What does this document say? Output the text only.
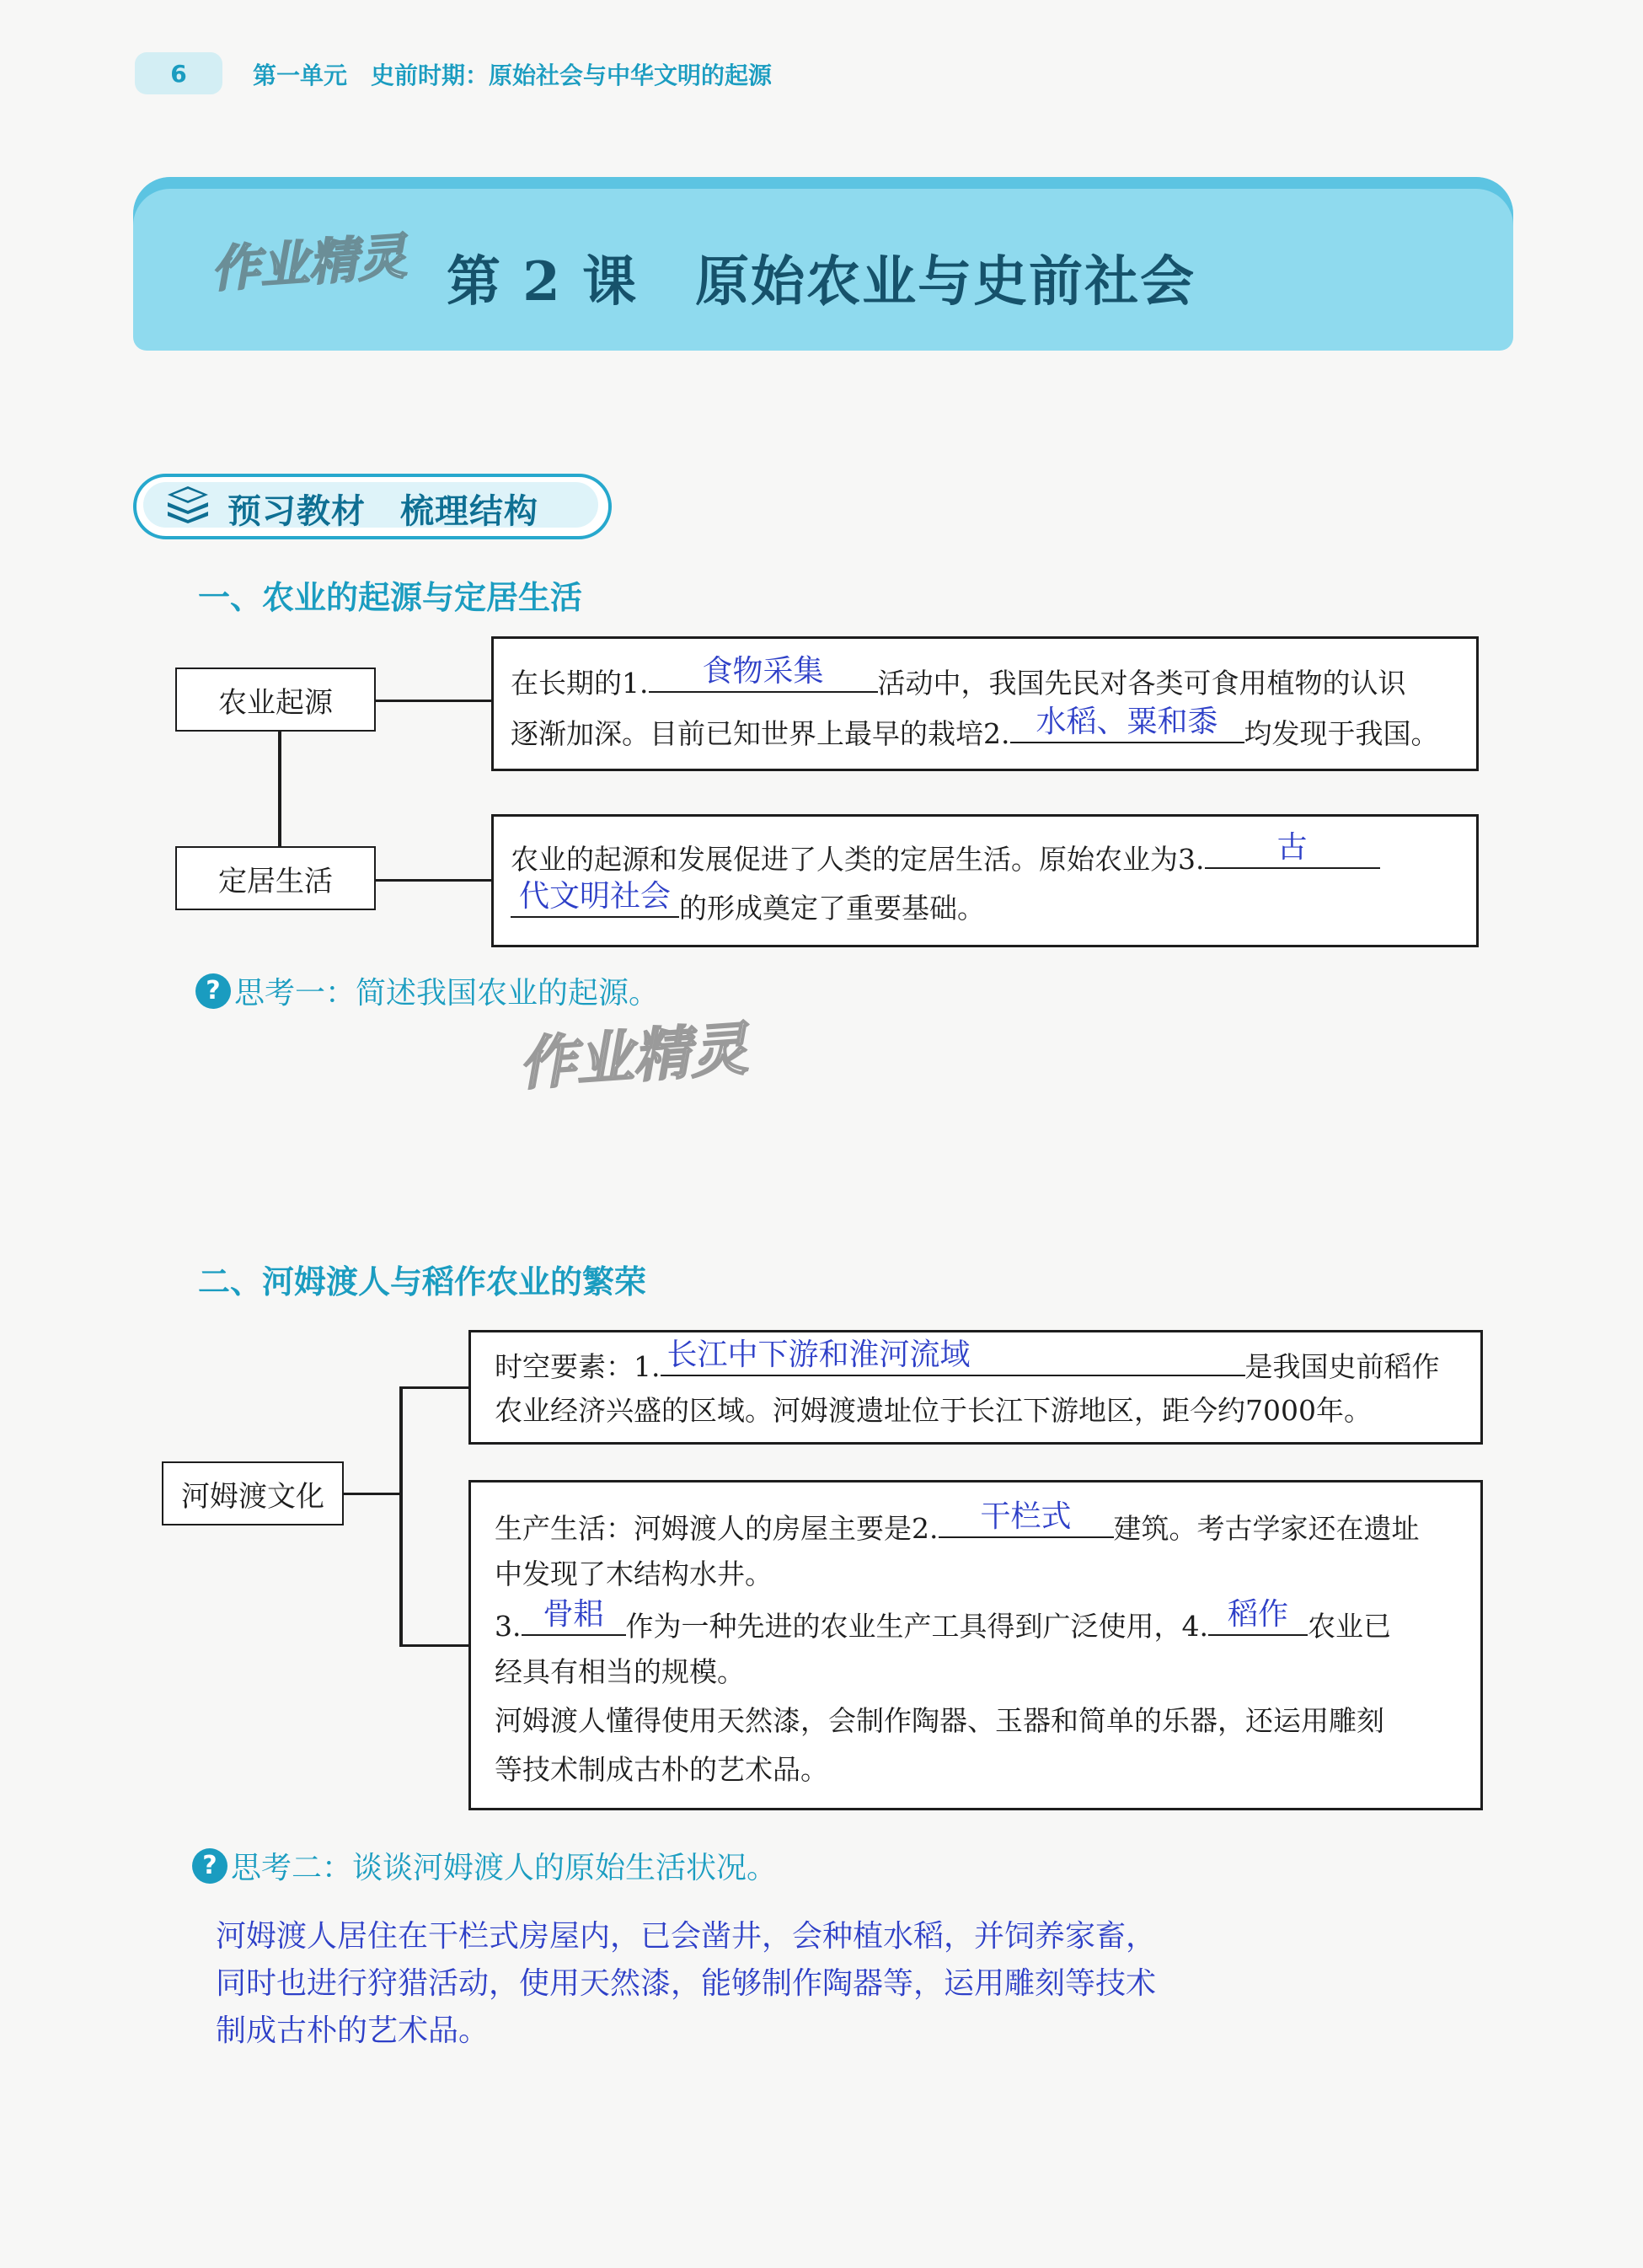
6	第一单元　史前时期：原始社会与中华文明的起源
作业精灵 第 2 课 原始农业与史前社会
预习教材　梳理结构
一、农业的起源与定居生活
农业起源
定居生活
在长期的1.	食物采集	活动中，我国先民对各类可食用植物的认识
逐渐加深。目前已知世界上最早的栽培2. 水稻、粟和黍 均发现于我国。
农业的起源和发展促进了人类的定居生活。原始农业为3.	古
代文明社会 的形成奠定了重要基础。
? 思考一： 简述我国农业的起源。
作业精灵
二、河姆渡人与稻作农业的繁荣
河姆渡文化
时空要素：1. 长江中下游和淮河流域	是我国史前稻作
农业经济兴盛的区域。河姆渡遗址位于长江下游地区，距今约7000年。
生产生活：河姆渡人的房屋主要是2.	干栏式	建筑。考古学家还在遗址
中发现了木结构水井。
3. 骨耜 作为一种先进的农业生产工具得到广泛使用，4. 稻作 农业已
经具有相当的规模。
河姆渡人懂得使用天然漆，会制作陶器、玉器和简单的乐器，还运用雕刻
等技术制成古朴的艺术品。
? 思考二： 谈谈河姆渡人的原始生活状况。
河姆渡人居住在干栏式房屋内，已会凿井，会种植水稻，并饲养家畜，
同时也进行狩猎活动，使用天然漆，能够制作陶器等，运用雕刻等技术
制成古朴的艺术品。
